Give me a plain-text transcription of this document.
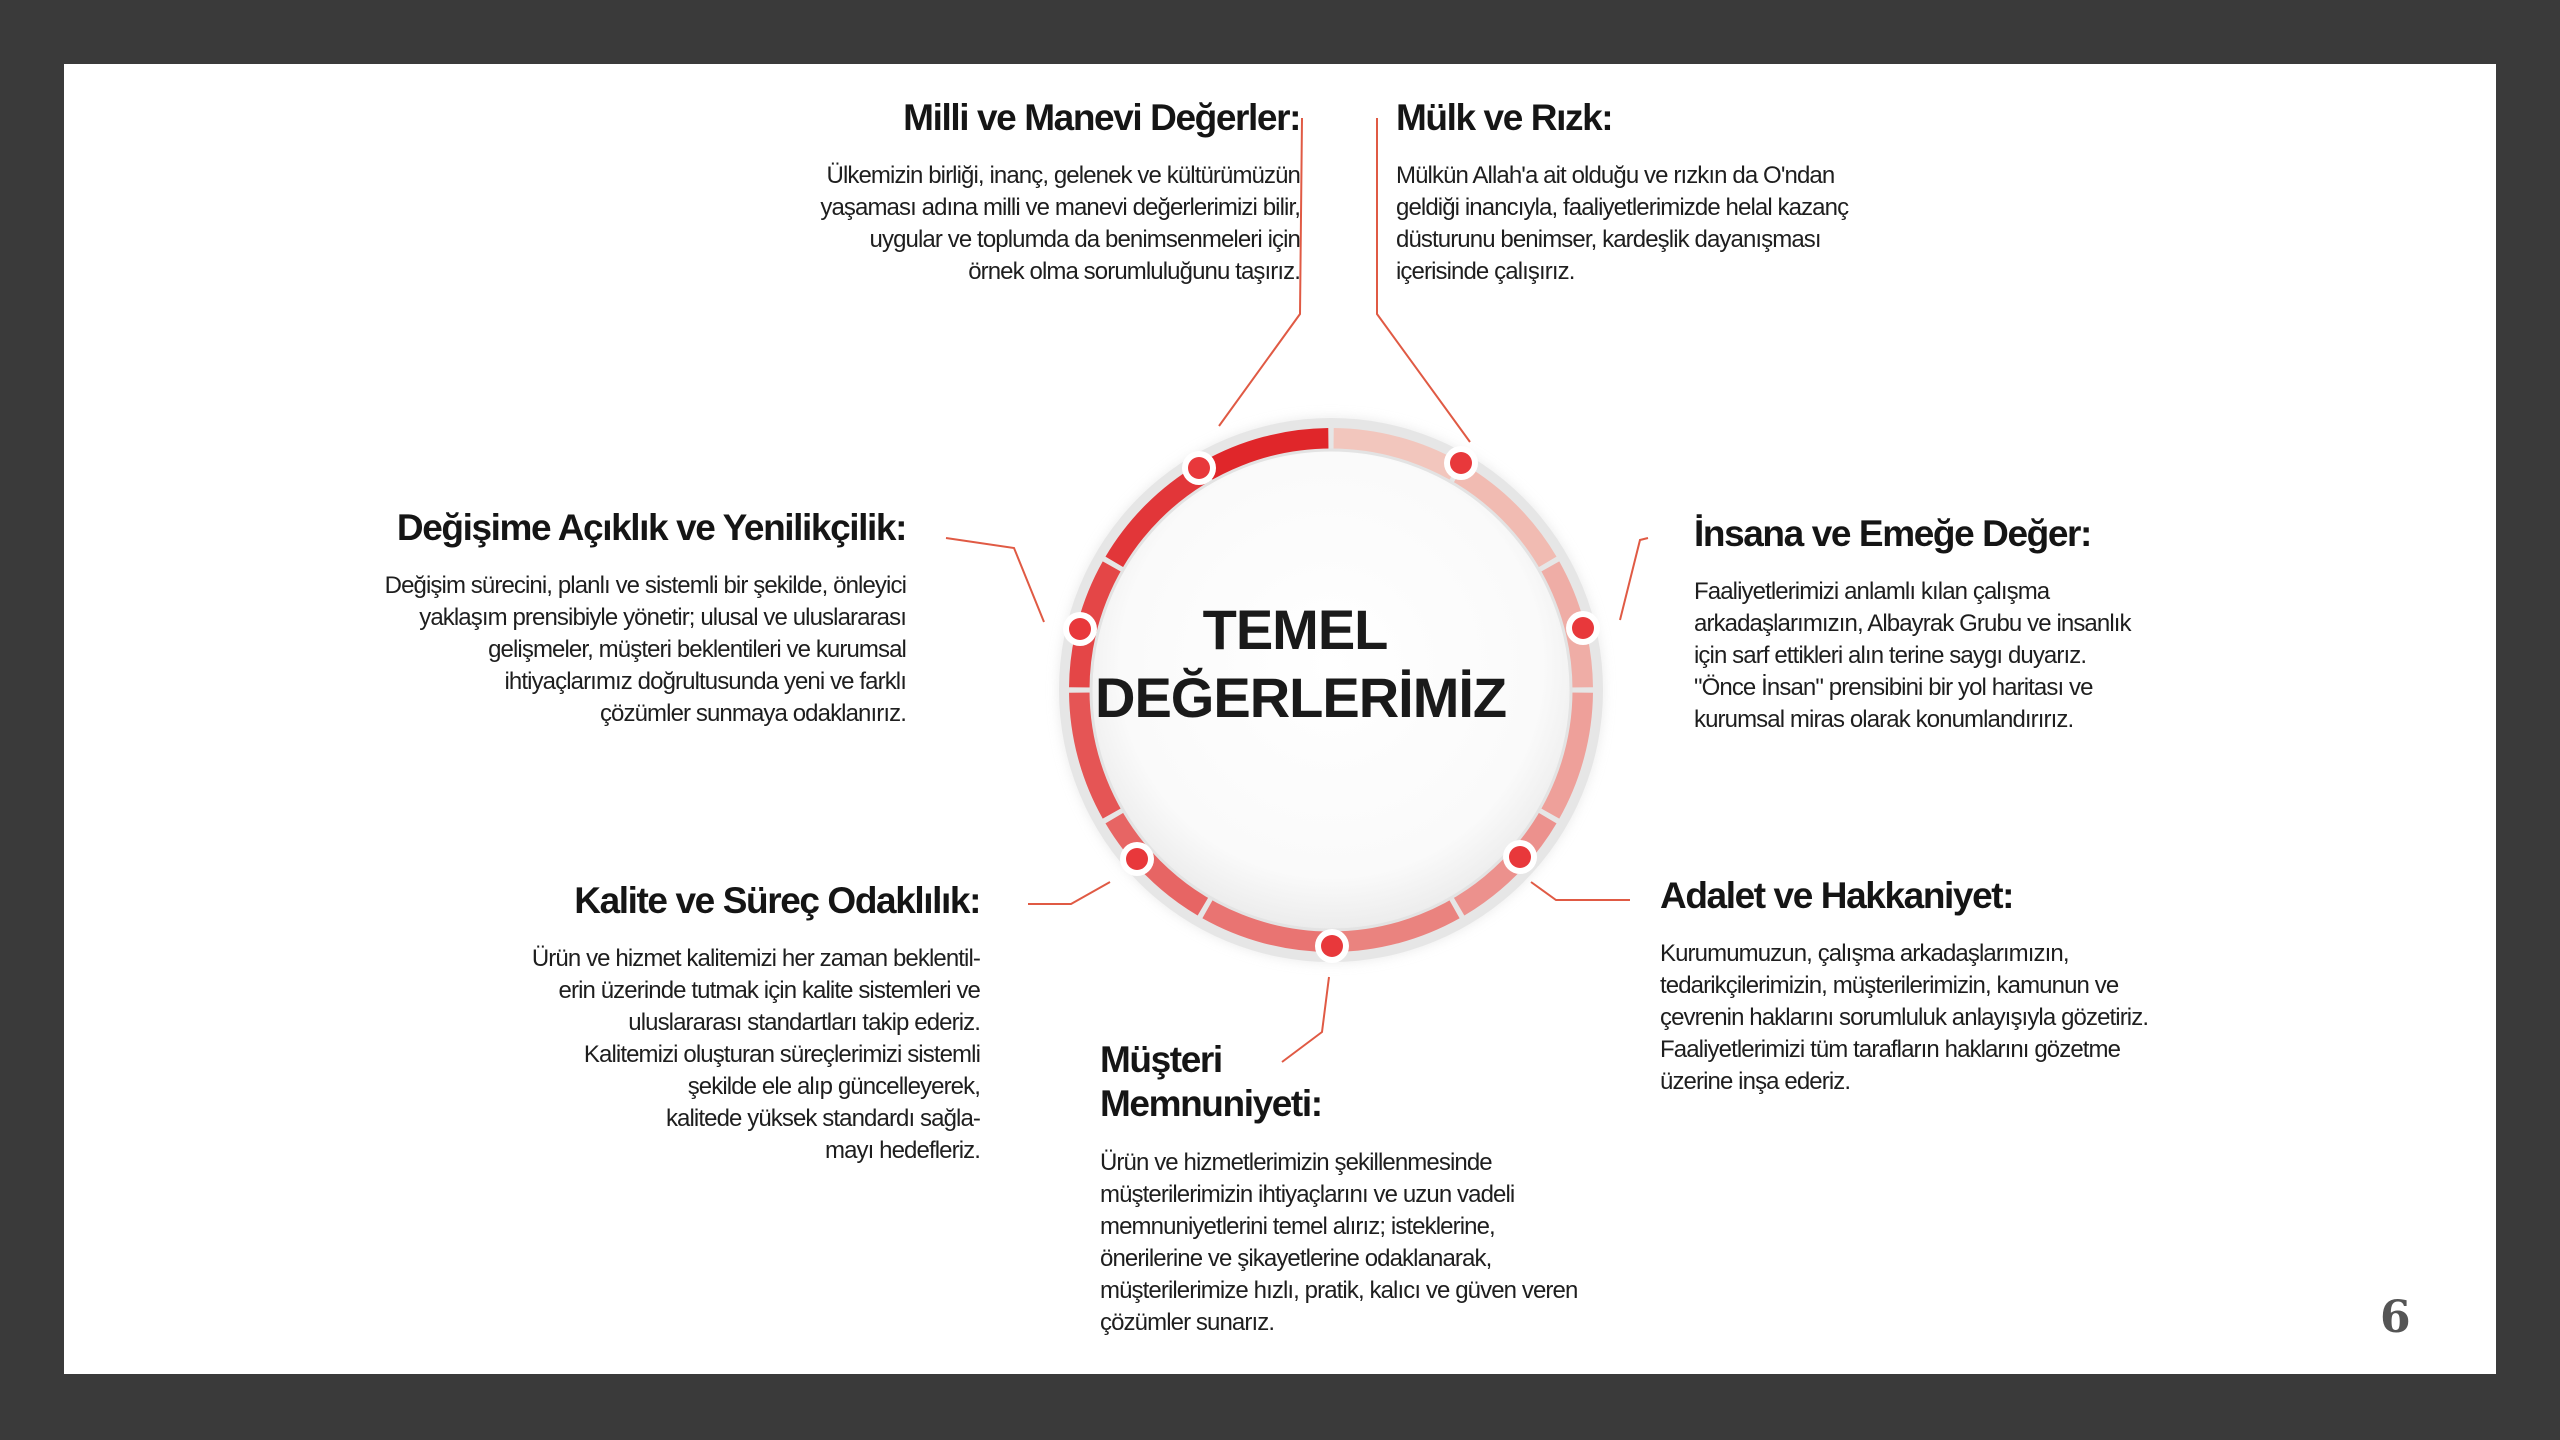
TEMEL DEĞERLERİMİZ
Milli ve Manevi Değerler:

Ülkemizin birliği, inanç, gelenek ve kültürümüzün
yaşaması adına milli ve manevi değerlerimizi bilir,
uygular ve toplumda da benimsenmeleri için
örnek olma sorumluluğunu taşırız.

Mülk ve Rızk:

Mülkün Allah'a ait olduğu ve rızkın da O'ndan
geldiği inancıyla, faaliyetlerimizde helal kazanç
düsturunu benimser, kardeşlik dayanışması
içerisinde çalışırız.

İnsana ve Emeğe Değer:

Faaliyetlerimizi anlamlı kılan çalışma
arkadaşlarımızın, Albayrak Grubu ve insanlık
için sarf ettikleri alın terine saygı duyarız.
"Önce İnsan" prensibini bir yol haritası ve
kurumsal miras olarak konumlandırırız.

Adalet ve Hakkaniyet:

Kurumumuzun, çalışma arkadaşlarımızın,
tedarikçilerimizin, müşterilerimizin, kamunun ve
çevrenin haklarını sorumluluk anlayışıyla gözetiriz.
Faaliyetlerimizi tüm tarafların haklarını gözetme
üzerine inşa ederiz.

Müşteri
Memnuniyeti:

Ürün ve hizmetlerimizin şekillenmesinde
müşterilerimizin ihtiyaçlarını ve uzun vadeli
memnuniyetlerini temel alırız; isteklerine,
önerilerine ve şikayetlerine odaklanarak,
müşterilerimize hızlı, pratik, kalıcı ve güven veren
çözümler sunarız.

Kalite ve Süreç Odaklılık:

Ürün ve hizmet kalitemizi her zaman beklentil-
erin üzerinde tutmak için kalite sistemleri ve
uluslararası standartları takip ederiz.
Kalitemizi oluşturan süreçlerimizi sistemli
şekilde ele alıp güncelleyerek,
kalitede yüksek standardı sağla-
mayı hedefleriz.

Değişime Açıklık ve Yenilikçilik:

Değişim sürecini, planlı ve sistemli bir şekilde, önleyici
yaklaşım prensibiyle yönetir; ulusal ve uluslararası
gelişmeler, müşteri beklentileri ve kurumsal
ihtiyaçlarımız doğrultusunda yeni ve farklı
çözümler sunmaya odaklanırız.

6
